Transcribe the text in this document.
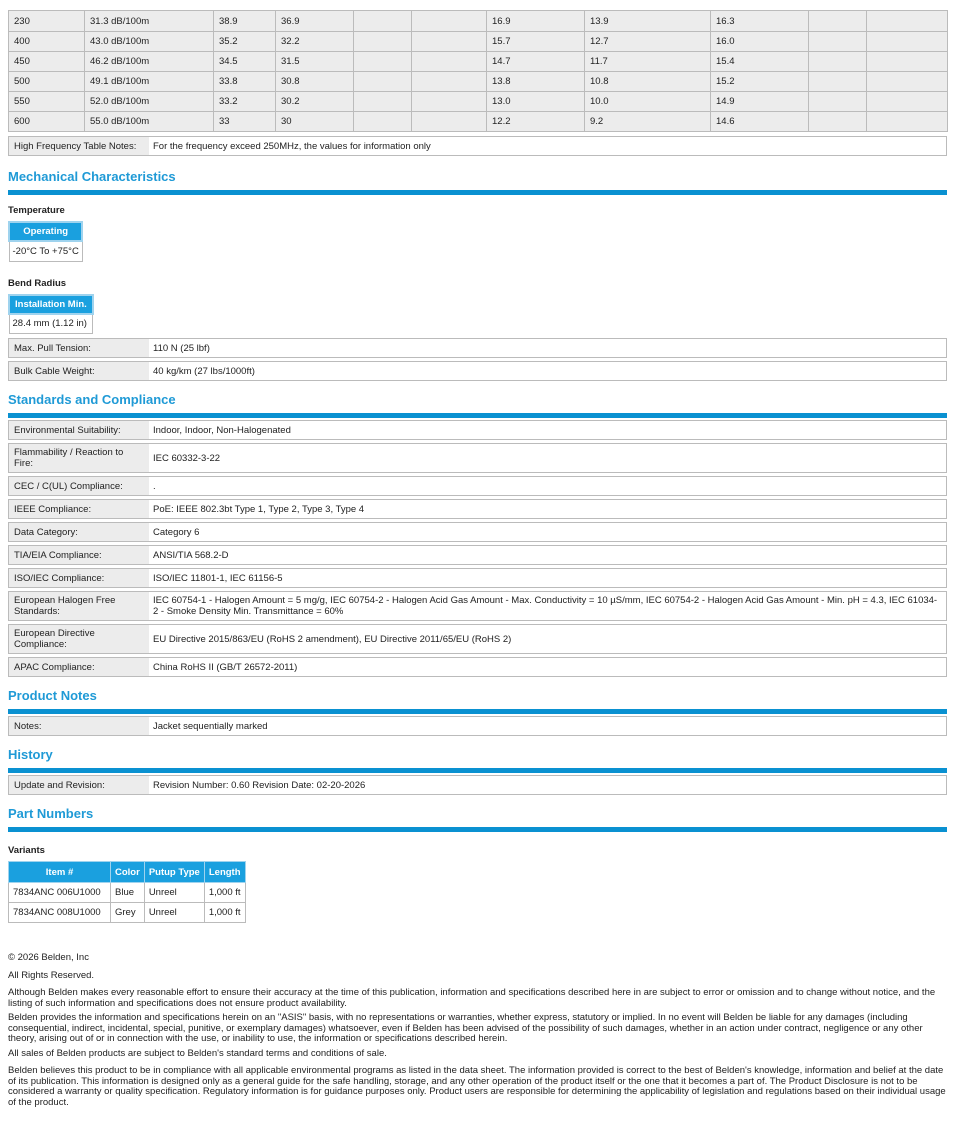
230	31.3 dB/100m	38.9	36.9			16.9	13.9	16.3		
400	43.0 dB/100m	35.2	32.2			15.7	12.7	16.0		
450	46.2 dB/100m	34.5	31.5			14.7	11.7	15.4		
500	49.1 dB/100m	33.8	30.8			13.8	10.8	15.2		
550	52.0 dB/100m	33.2	30.2			13.0	10.0	14.9		
600	55.0 dB/100m	33	30			12.2	9.2	14.6		
High Frequency Table Notes:	For the frequency exceed 250MHz, the values for information only
Mechanical Characteristics
Temperature
Operating
-20°C To +75°C
Bend Radius
Installation Min.
28.4 mm (1.12 in)
Max. Pull Tension:	110 N (25 lbf)
Bulk Cable Weight:	40 kg/km (27 lbs/1000ft)
Standards and Compliance
Environmental Suitability:	Indoor, Indoor, Non-Halogenated
Flammability / Reaction to Fire:	IEC 60332-3-22
CEC / C(UL) Compliance:	.
IEEE Compliance:	PoE: IEEE 802.3bt Type 1, Type 2, Type 3, Type 4
Data Category:	Category 6
TIA/EIA Compliance:	ANSI/TIA 568.2-D
ISO/IEC Compliance:	ISO/IEC 11801-1, IEC 61156-5
European Halogen Free Standards:
IEC 60754-1 - Halogen Amount = 5 mg/g, IEC 60754-2 - Halogen Acid Gas Amount - Max. Conductivity = 10 µS/mm, IEC 60754-2 - Halogen Acid Gas Amount - Min. pH = 4.3, IEC 61034-2 - Smoke Density Min. Transmittance = 60%
European Directive Compliance:	EU Directive 2015/863/EU (RoHS 2 amendment), EU Directive 2011/65/EU (RoHS 2)
APAC Compliance:	China RoHS II (GB/T 26572-2011)
Product Notes
Notes:	Jacket sequentially marked
History
Update and Revision:	Revision Number: 0.60 Revision Date: 02-20-2026
Part Numbers
Variants
Item #	Color	Putup Type	Length
7834ANC 006U1000	Blue	Unreel	1,000 ft
7834ANC 008U1000	Grey	Unreel	1,000 ft

© 2026 Belden, Inc

All Rights Reserved.

Although Belden makes every reasonable effort to ensure their accuracy at the time of this publication, information and specifications described here in are subject to error or omission and to change without notice, and the listing of such information and specifications does not ensure product availability.

Belden provides the information and specifications herein on an "ASIS" basis, with no representations or warranties, whether express, statutory or implied. In no event will Belden be liable for any damages (including consequential, indirect, incidental, special, punitive, or exemplary damages) whatsoever, even if Belden has been advised of the possibility of such damages, whether in an action under contract, negligence or any other theory, arising out of or in connection with the use, or inability to use, the information or specifications described herein.

All sales of Belden products are subject to Belden's standard terms and conditions of sale.

Belden believes this product to be in compliance with all applicable environmental programs as listed in the data sheet. The information provided is correct to the best of Belden's knowledge, information and belief at the date of its publication. This information is designed only as a general guide for the safe handling, storage, and any other operation of the product itself or the one that it becomes a part of. The Product Disclosure is not to be considered a warranty or quality specification. Regulatory information is for guidance purposes only. Product users are responsible for determining the applicability of legislation and regulations based on their individual usage of the product.
